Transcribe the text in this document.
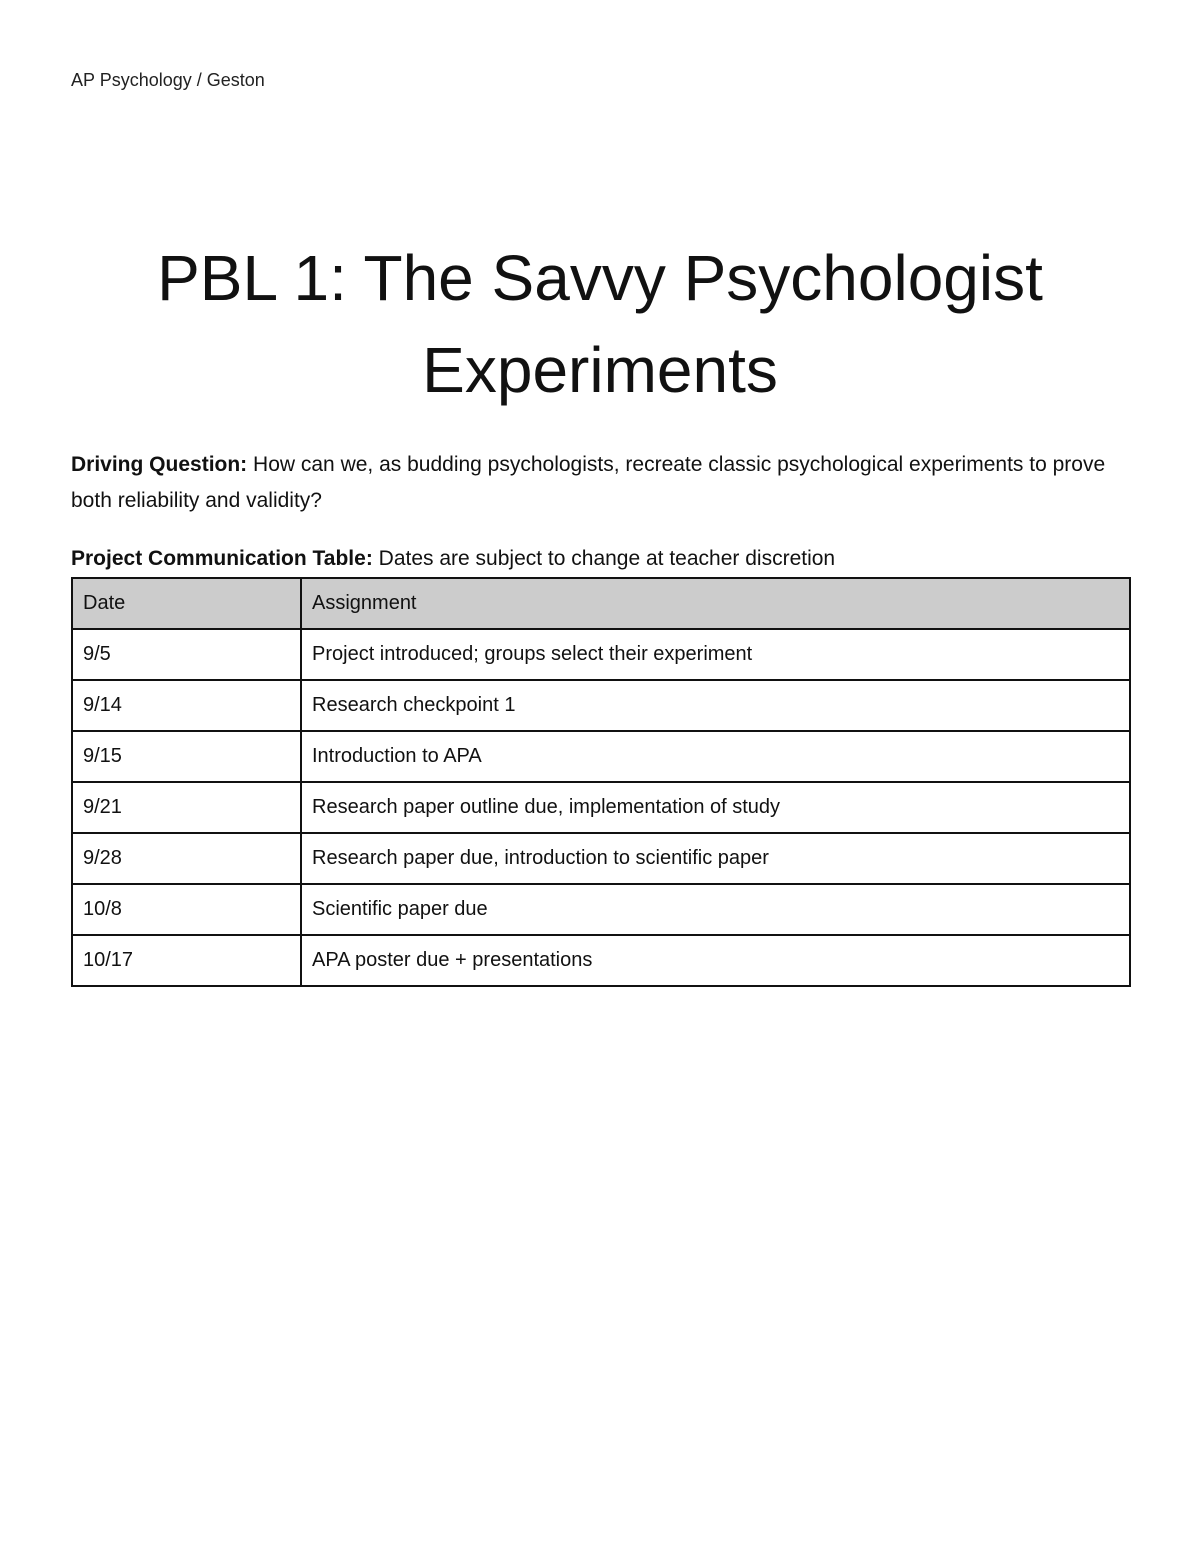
AP Psychology / Geston
PBL 1: The Savvy Psychologist
Experiments

Driving Question: How can we, as budding psychologists, recreate classic psychological experiments to prove both reliability and validity?

Project Communication Table: Dates are subject to change at teacher discretion

Date	Assignment
9/5	Project introduced; groups select their experiment
9/14	Research checkpoint 1
9/15	Introduction to APA
9/21	Research paper outline due, implementation of study
9/28	Research paper due, introduction to scientific paper
10/8	Scientific paper due
10/17	APA poster due + presentations
